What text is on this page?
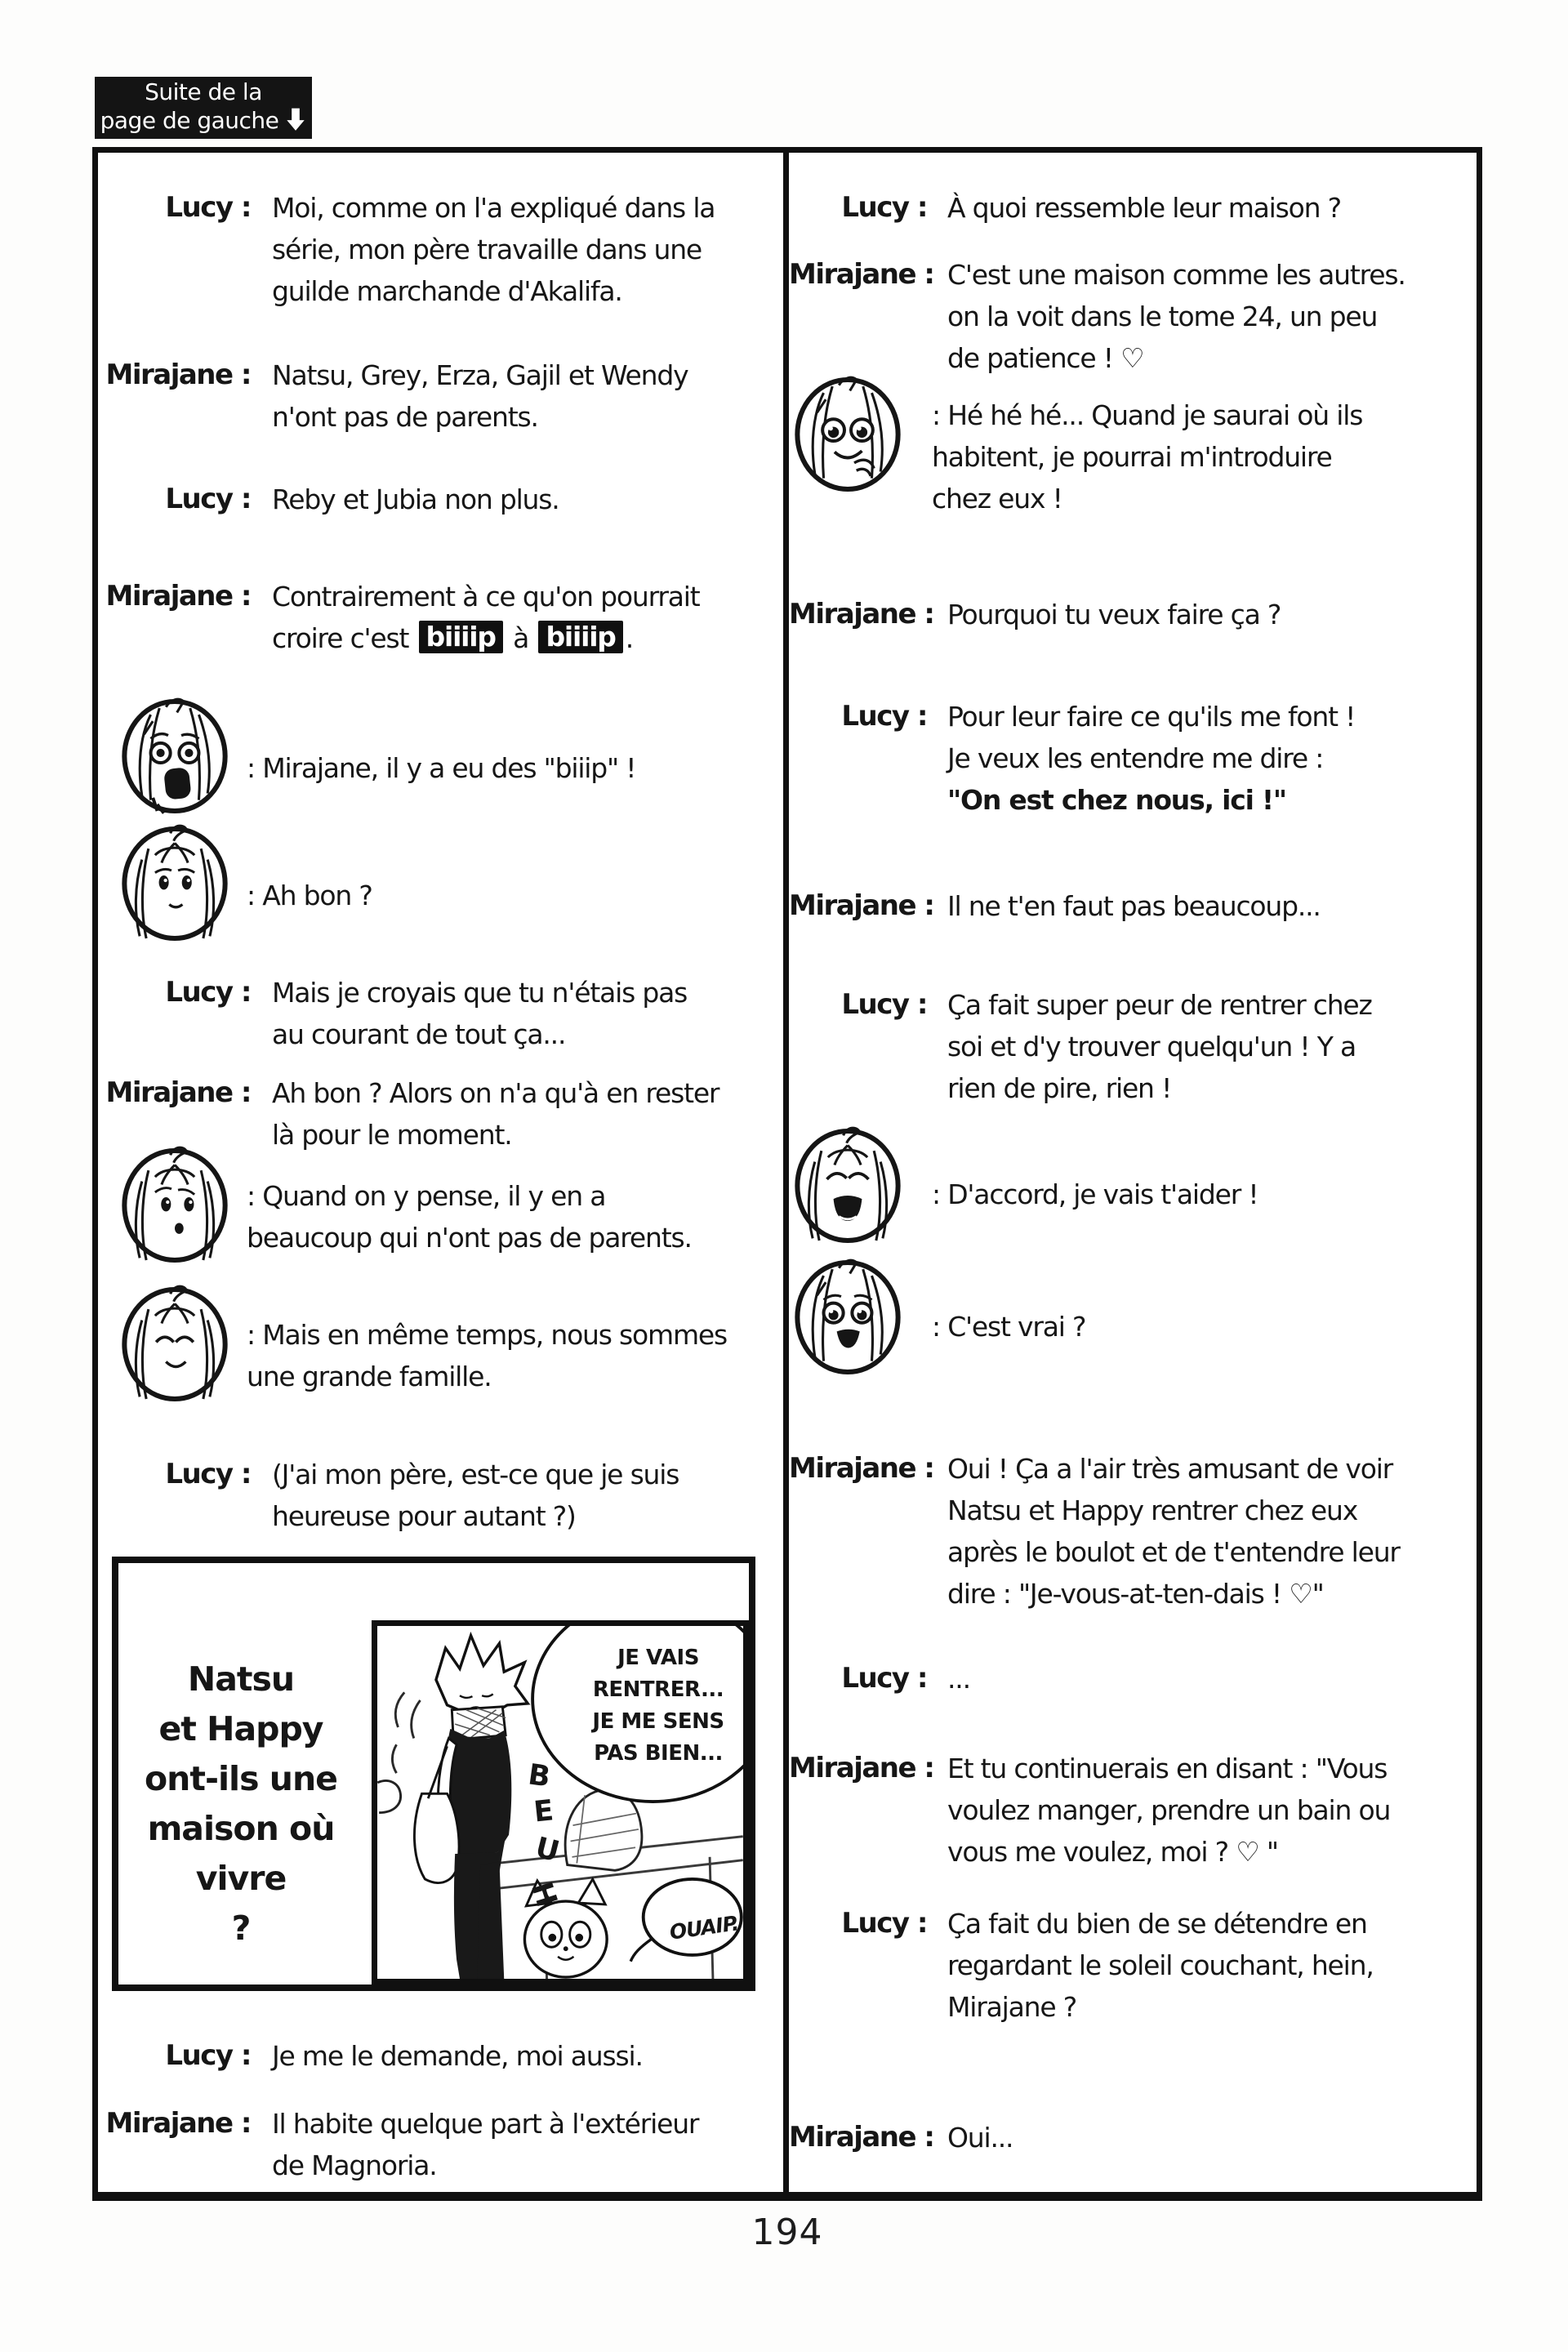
Suite de la
page de gauche
Natsu
et Happy
ont-ils une
maison où
vivre
?
JE VAIS
RENTRER...
JE ME SENS
PAS BIEN...
B
E
U
H
OUAIP.
Lucy : Moi, comme on l'a expliqué dans la
série, mon père travaille dans une
guilde marchande d'Akalifa.
Mirajane : Natsu, Grey, Erza, Gajil et Wendy
n'ont pas de parents.
Lucy : Reby et Jubia non plus.
Mirajane : Contrairement à ce qu'on pourrait
croire c'est biiiip à biiiip .
: Mirajane, il y a eu des "biiip" !
: Ah bon ?
Lucy : Mais je croyais que tu n'étais pas
au courant de tout ça...
Mirajane : Ah bon ? Alors on n'a qu'à en rester
là pour le moment.
: Quand on y pense, il y en a
beaucoup qui n'ont pas de parents.
: Mais en même temps, nous sommes
une grande famille.
Lucy : (J'ai mon père, est-ce que je suis
heureuse pour autant ?)
Lucy : Je me le demande, moi aussi.
Mirajane : Il habite quelque part à l'extérieur
de Magnoria.
Lucy : À quoi ressemble leur maison ?
Mirajane : C'est une maison comme les autres.
on la voit dans le tome 24, un peu
de patience ! ♡
: Hé hé hé... Quand je saurai où ils
habitent, je pourrai m'introduire
chez eux !
Mirajane : Pourquoi tu veux faire ça ?
Lucy : Pour leur faire ce qu'ils me font !
Je veux les entendre me dire :
"On est chez nous, ici !"
Mirajane : Il ne t'en faut pas beaucoup...
Lucy : Ça fait super peur de rentrer chez
soi et d'y trouver quelqu'un ! Y a
rien de pire, rien !
: D'accord, je vais t'aider !
: C'est vrai ?
Mirajane : Oui ! Ça a l'air très amusant de voir
Natsu et Happy rentrer chez eux
après le boulot et de t'entendre leur
dire : "Je-vous-at-ten-dais ! ♡"
Lucy : ...
Mirajane : Et tu continuerais en disant : "Vous
voulez manger, prendre un bain ou
vous me voulez, moi ? ♡ "
Lucy : Ça fait du bien de se détendre en
regardant le soleil couchant, hein,
Mirajane ?
Mirajane : Oui...
194
